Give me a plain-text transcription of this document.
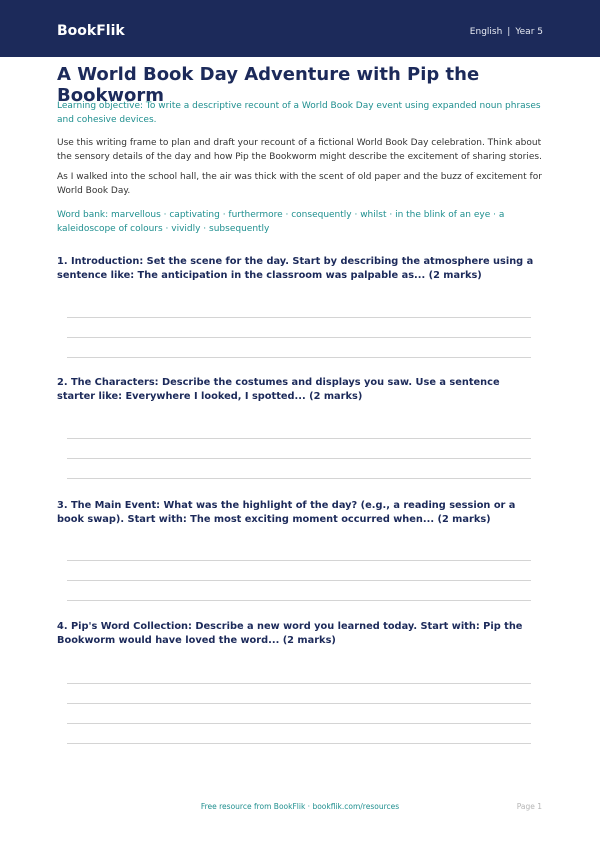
BookFlik	English | Year 5
A World Book Day Adventure with Pip the Bookworm

Learning objective: To write a descriptive recount of a World Book Day event using expanded noun phrases and cohesive devices.

Use this writing frame to plan and draft your recount of a fictional World Book Day celebration. Think about the sensory details of the day and how Pip the Bookworm might describe the excitement of sharing stories.

As I walked into the school hall, the air was thick with the scent of old paper and the buzz of excitement for World Book Day.

Word bank: marvellous · captivating · furthermore · consequently · whilst · in the blink of an eye · a kaleidoscope of colours · vividly · subsequently

1. Introduction: Set the scene for the day. Start by describing the atmosphere using a sentence like: The anticipation in the classroom was palpable as... (2 marks)

2. The Characters: Describe the costumes and displays you saw. Use a sentence starter like: Everywhere I looked, I spotted... (2 marks)

3. The Main Event: What was the highlight of the day? (e.g., a reading session or a book swap). Start with: The most exciting moment occurred when... (2 marks)

4. Pip's Word Collection: Describe a new word you learned today. Start with: Pip the Bookworm would have loved the word... (2 marks)

Free resource from BookFlik · bookflik.com/resources	Page 1
